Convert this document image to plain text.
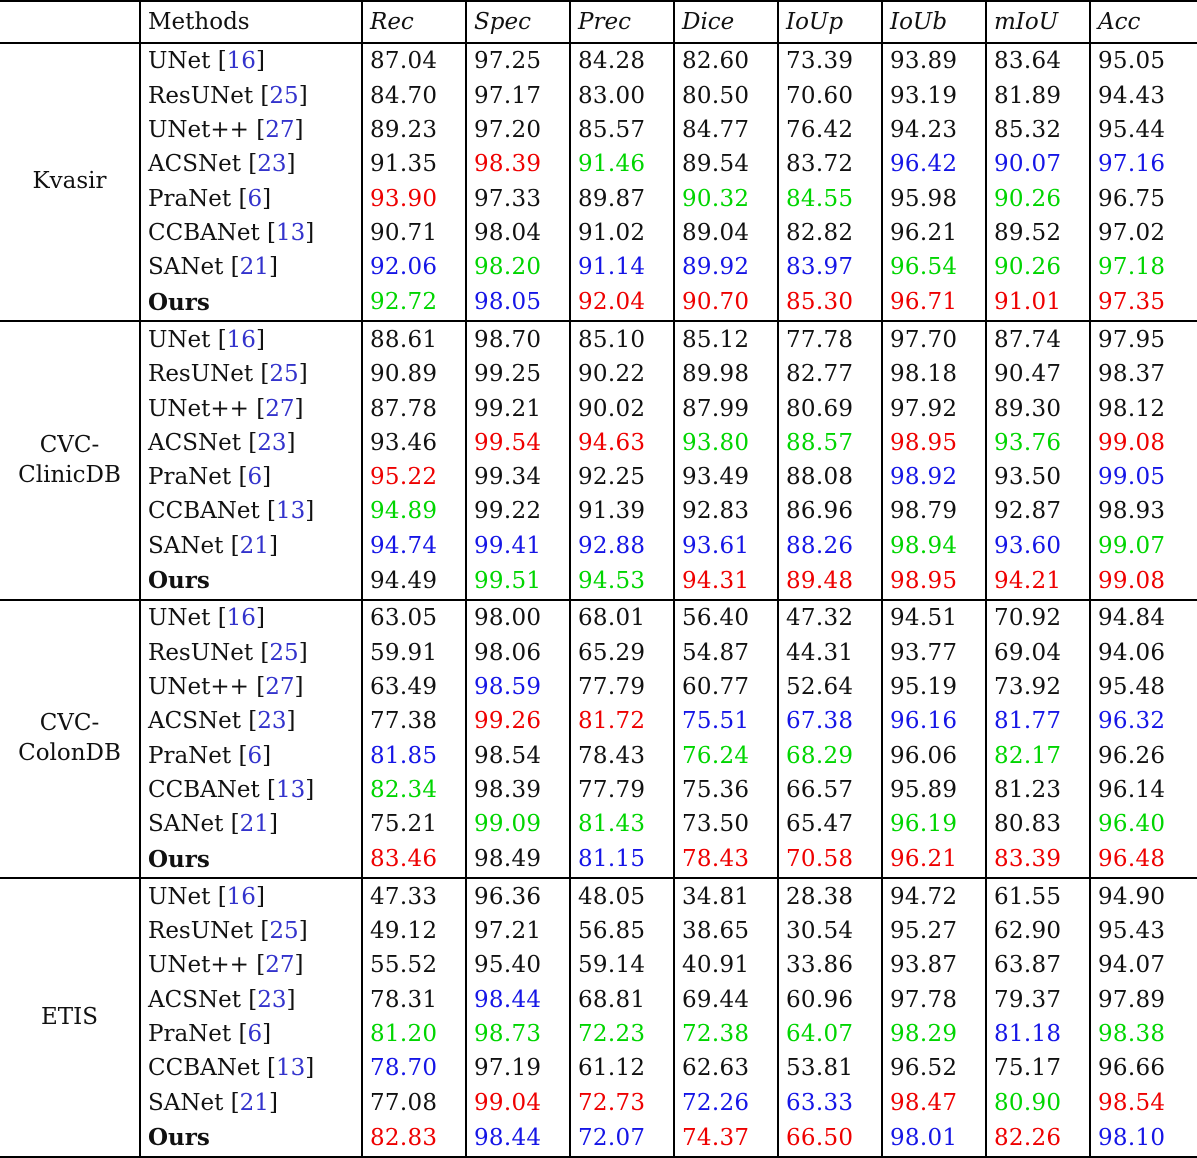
	Methods	Rec	Spec	Prec	Dice	IoUp	IoUb	mIoU	Acc
Kvasir	UNet [16]	87.04	97.25	84.28	82.60	73.39	93.89	83.64	95.05
	ResUNet [25]	84.70	97.17	83.00	80.50	70.60	93.19	81.89	94.43
	UNet++ [27]	89.23	97.20	85.57	84.77	76.42	94.23	85.32	95.44
	ACSNet [23]	91.35	98.39	91.46	89.54	83.72	96.42	90.07	97.16
	PraNet [6]	93.90	97.33	89.87	90.32	84.55	95.98	90.26	96.75
	CCBANet [13]	90.71	98.04	91.02	89.04	82.82	96.21	89.52	97.02
	SANet [21]	92.06	98.20	91.14	89.92	83.97	96.54	90.26	97.18
	Ours	92.72	98.05	92.04	90.70	85.30	96.71	91.01	97.35
CVC-
ClinicDB	UNet [16]	88.61	98.70	85.10	85.12	77.78	97.70	87.74	97.95
	ResUNet [25]	90.89	99.25	90.22	89.98	82.77	98.18	90.47	98.37
	UNet++ [27]	87.78	99.21	90.02	87.99	80.69	97.92	89.30	98.12
	ACSNet [23]	93.46	99.54	94.63	93.80	88.57	98.95	93.76	99.08
	PraNet [6]	95.22	99.34	92.25	93.49	88.08	98.92	93.50	99.05
	CCBANet [13]	94.89	99.22	91.39	92.83	86.96	98.79	92.87	98.93
	SANet [21]	94.74	99.41	92.88	93.61	88.26	98.94	93.60	99.07
	Ours	94.49	99.51	94.53	94.31	89.48	98.95	94.21	99.08
CVC-
ColonDB	UNet [16]	63.05	98.00	68.01	56.40	47.32	94.51	70.92	94.84
	ResUNet [25]	59.91	98.06	65.29	54.87	44.31	93.77	69.04	94.06
	UNet++ [27]	63.49	98.59	77.79	60.77	52.64	95.19	73.92	95.48
	ACSNet [23]	77.38	99.26	81.72	75.51	67.38	96.16	81.77	96.32
	PraNet [6]	81.85	98.54	78.43	76.24	68.29	96.06	82.17	96.26
	CCBANet [13]	82.34	98.39	77.79	75.36	66.57	95.89	81.23	96.14
	SANet [21]	75.21	99.09	81.43	73.50	65.47	96.19	80.83	96.40
	Ours	83.46	98.49	81.15	78.43	70.58	96.21	83.39	96.48
ETIS	UNet [16]	47.33	96.36	48.05	34.81	28.38	94.72	61.55	94.90
	ResUNet [25]	49.12	97.21	56.85	38.65	30.54	95.27	62.90	95.43
	UNet++ [27]	55.52	95.40	59.14	40.91	33.86	93.87	63.87	94.07
	ACSNet [23]	78.31	98.44	68.81	69.44	60.96	97.78	79.37	97.89
	PraNet [6]	81.20	98.73	72.23	72.38	64.07	98.29	81.18	98.38
	CCBANet [13]	78.70	97.19	61.12	62.63	53.81	96.52	75.17	96.66
	SANet [21]	77.08	99.04	72.73	72.26	63.33	98.47	80.90	98.54
	Ours	82.83	98.44	72.07	74.37	66.50	98.01	82.26	98.10
